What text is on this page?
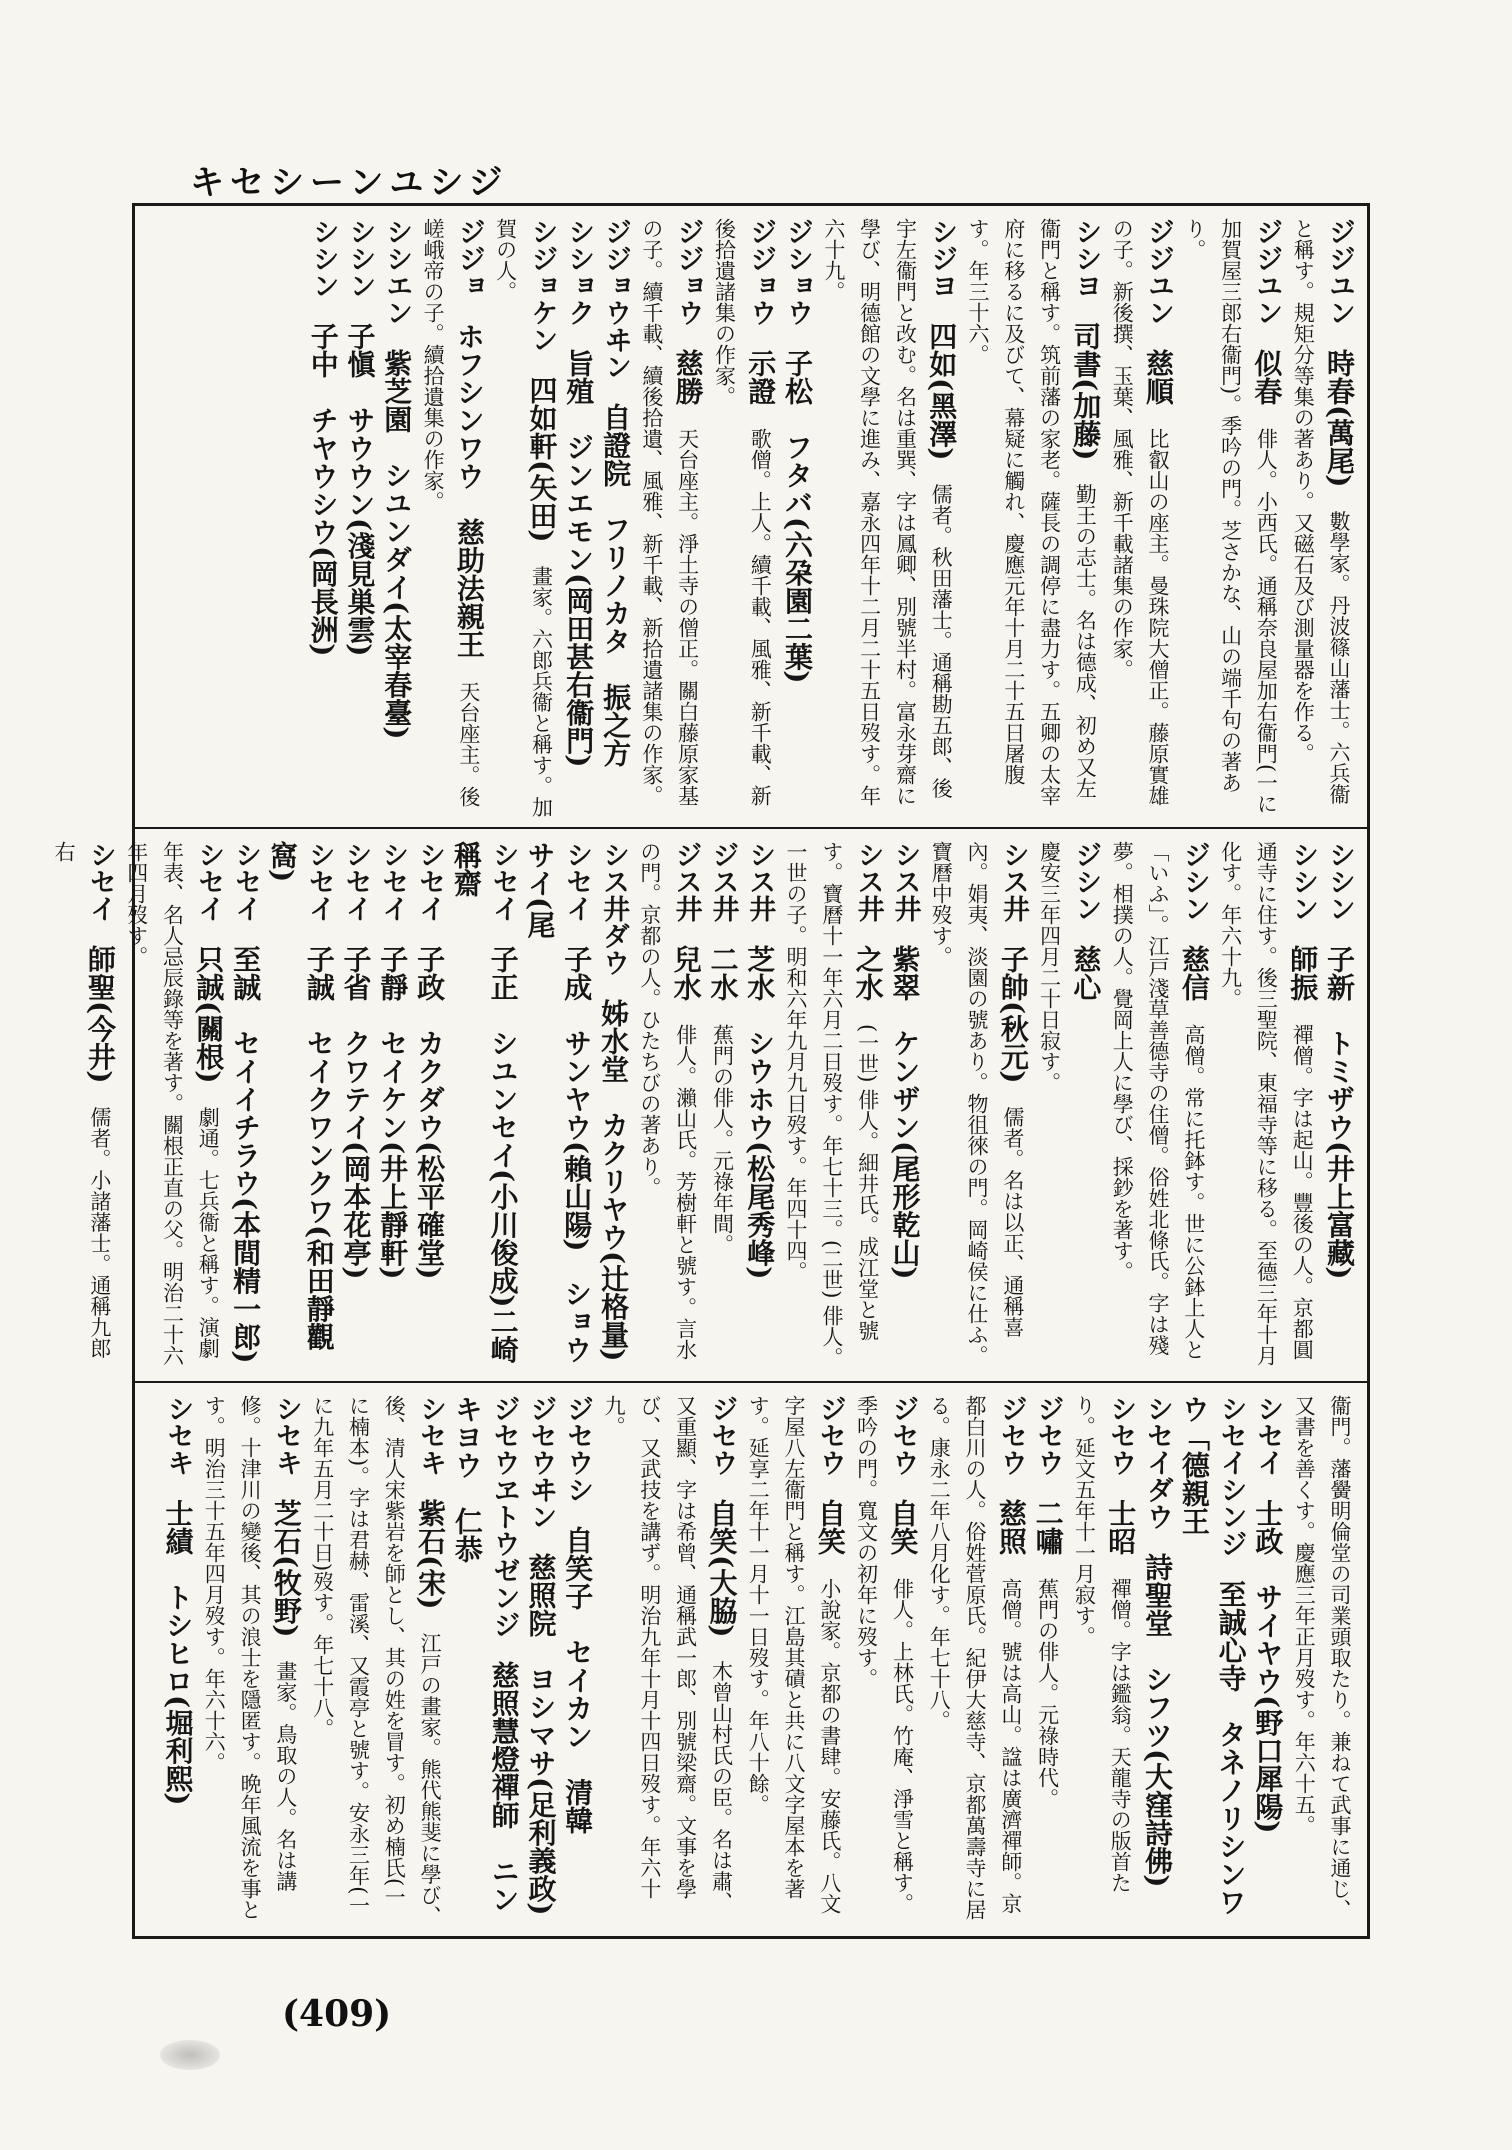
キセシーンユシジ
ジジユン　時春(萬尾)　數學家。丹波篠山藩士。六兵衞と稱す。規矩分等集の著あり。又磁石及び測量器を作る。　
ジジユン　似春　俳人。小西氏。通稱奈良屋加右衞門(一に加賀屋三郎右衞門)。季吟の門。芝さかな、山の端千句の著あり。　
ジジユン　慈順　比叡山の座主。曼珠院大僧正。藤原實雄の子。新後撰、玉葉、風雅、新千載諸集の作家。　
シシヨ　司書(加藤)　勤王の志士。名は德成、初め又左衞門と稱す。筑前藩の家老。薩長の調停に盡力す。五卿の太宰府に移るに及びて、幕疑に觸れ、慶應元年十月二十五日屠腹す。年三十六。　
シジヨ　四如(黑澤)　儒者。秋田藩士。通稱勘五郎、後宇左衞門と改む。名は重巽、字は鳳卿、別號半村。富永芽齋に學び、明德館の文學に進み、嘉永四年十二月二十五日歿す。年六十九。　
ジショウ　子松　フタバ(六朶園二葉)　
ジジョウ　示證　歌僧。上人。續千載、風雅、新千載、新後拾遺諸集の作家。　
ジジョウ　慈勝　天台座主。淨土寺の僧正。關白藤原家基の子。續千載、續後拾遺、風雅、新千載、新拾遺諸集の作家。　
ジジョウヰン　自證院　フリノカタ　振之方　
シショク　旨殖　ジンエモン(岡田甚右衞門)　
シジョケン　四如軒(矢田)　畫家。六郎兵衞と稱す。加賀の人。　
ジジョ　ホフシンワウ　慈助法親王　天台座主。後嵯峨帝の子。續拾遺集の作家。　
シシエン　紫芝園　シユンダイ(太宰春臺)　
シシン　子愼　サウウン(淺見巣雲)　
シシン　子中　チヤウシウ(岡長洲)　
シシン　子新　トミザウ(井上富藏)　
シシン　師振　禪僧。字は起山。豐後の人。京都圓通寺に住す。後三聖院、東福寺等に移る。至德三年十月化す。年六十九。　
ジシン　慈信　高僧。常に托鉢す。世に公鉢上人と「いふ」。江戸淺草善德寺の住僧。俗姓北條氏。字は殘夢。相撲の人。覺岡上人に學び、採鈔を著す。　
ジシン　慈心　
慶安三年四月二十日寂す。　
シス井　子帥(秋元)　儒者。名は以正、通稱喜內。娟夷、淡園の號あり。物徂徠の門。岡崎侯に仕ふ。寶曆中歿す。　
シス井　紫翠　ケンザン(尾形乾山)　
シス井　之水　(一世) 俳人。細井氏。成江堂と號す。寶曆十一年六月二日歿す。年七十三。(二世) 俳人。一世の子。明和六年九月九日歿す。年四十四。　
シス井　芝水　シウホウ(松尾秀峰)　
ジス井　二水　蕉門の俳人。元祿年間。　
ジス井　兒水　俳人。瀨山氏。芳樹軒と號す。言水の門。京都の人。ひたちびの著あり。　
シス井ダウ　姊水堂　カクリヤウ(辻格量)　
シセイ　子成　サンヤウ(賴山陽)　ショウサイ(尾　
シセイ　子正　シユンセイ(小川俊成)二崎稱齋　
シセイ　子政　カクダウ(松平確堂)　
シセイ　子靜　セイケン(井上靜軒)　
シセイ　子省　クワテイ(岡本花亭)　
シセイ　子誠　セイクワンクワ(和田靜觀窩)　
シセイ　至誠　セイイチラウ(本間精一郎)　
シセイ　只誠(關根)　劇通。七兵衞と稱す。演劇年表、名人忌辰錄等を著す。關根正直の父。明治二十六年四月歿す。　
シセイ　師聖(今井)　儒者。小諸藩士。通稱九郎右　
衞門。藩黌明倫堂の司業頭取たり。兼ねて武事に通じ、又書を善くす。慶應三年正月歿す。年六十五。　
シセイ　士政　サイヤウ(野口犀陽)　
シセイシンジ　至誠心寺　タネノリシンワウ「德親王　
シセイダウ　詩聖堂　シフツ(大窪詩佛)　
シセウ　士昭　禪僧。字は鑑翁。天龍寺の版首たり。延文五年十一月寂す。　
ジセウ　二嘯　蕉門の俳人。元祿時代。　
ジセウ　慈照　高僧。號は高山。諡は廣濟禪師。京都白川の人。俗姓菅原氏。紀伊大慈寺、京都萬壽寺に居る。康永二年八月化す。年七十八。　
ジセウ　自笑　俳人。上林氏。竹庵、淨雪と稱す。季吟の門。寬文の初年に歿す。　
ジセウ　自笑　小說家。京都の書肆。安藤氏。八文字屋八左衞門と稱す。江島其磧と共に八文字屋本を著す。延享二年十一月十一日歿す。年八十餘。　
ジセウ　自笑(大脇)　木曾山村氏の臣。名は肅、又重顯、字は希曾、通稱武一郎、別號梁齋。文事を學び、又武技を講ず。明治九年十月十四日歿す。年六十九。　
ジセウシ　自笑子　セイカン　清韓　
ジセウヰン　慈照院　ヨシマサ(足利義政)　
ジセウヱトウゼンジ　慈照慧燈禪師　ニンキヨウ　仁恭　
シセキ　紫石(宋)　江戸の畫家。熊代熊斐に學び、後、清人宋紫岩を師とし、其の姓を冒す。初め楠氏(一に楠本)。字は君赫、雷溪、又霞亭と號す。安永三年(一に九年五月二十日)歿す。年七十八。　
シセキ　芝石(牧野)　畫家。鳥取の人。名は講修。十津川の變後、其の浪士を隱匿す。晩年風流を事とす。明治三十五年四月歿す。年六十六。　
シセキ　士績　トシヒロ(堀利熙)　
(409)
